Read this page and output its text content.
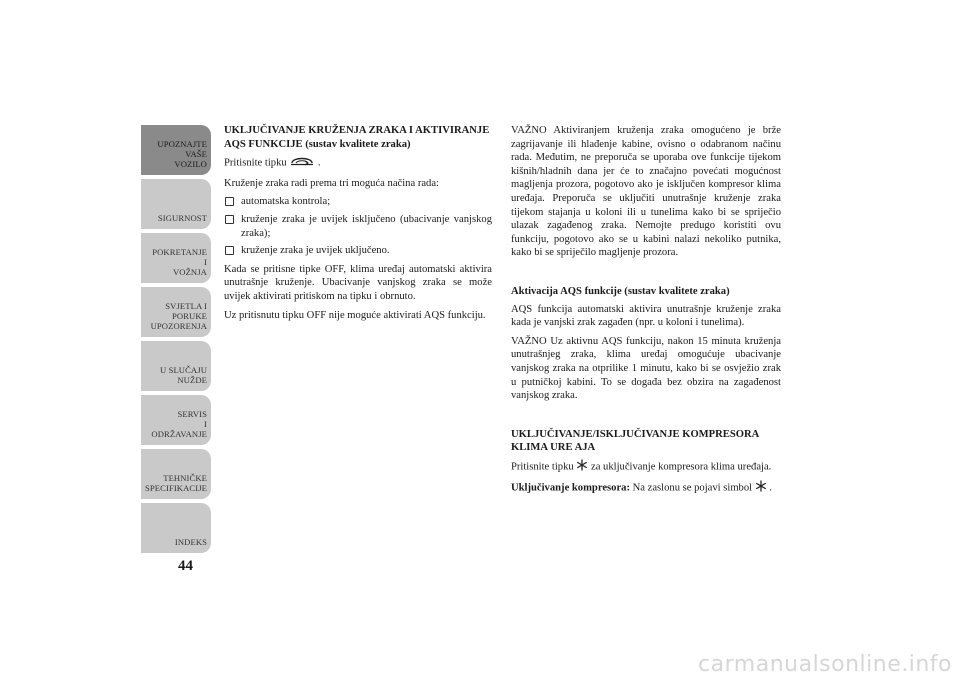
UPOZNAJTE
VAŠE
VOZILO
SIGURNOST
POKRETANJE
I
VOŽNJA
SVJETLA I
PORUKE
UPOZORENJA
U SLUČAJU
NUŽDE
SERVIS
I
ODRŽAVANJE
TEHNIČKE
SPECIFIKACIJE
INDEKS
44
UKLJUČIVANJE KRUŽENJA ZRAKA I AKTIVIRANJE AQS FUNKCIJE (sustav kvalitete zraka)
Pritisnite tipku	.
Kruženje zraka radi prema tri moguća načina rada:
automatska kontrola;
kruženje zraka je uvijek isključeno (ubacivanje vanjskog zraka);
kruženje zraka je uvijek uključeno.
Kada se pritisne tipke OFF, klima uređaj automatski aktivira unutrašnje kruženje. Ubacivanje vanjskog zraka se može uvijek aktivirati pritiskom na tipku i obrnuto.
Uz pritisnutu tipku OFF nije moguće aktivirati AQS funkciju.
VAŽNO Aktiviranjem kruženja zraka omogućeno je brže zagrijavanje ili hlađenje kabine, ovisno o odabranom načinu rada. Međutim, ne preporuča se uporaba ove funkcije tijekom kišnih/hladnih dana jer će to značajno povećati mogućnost magljenja prozora, pogotovo ako je isključen kompresor klima uređaja. Preporuča se uključiti unutrašnje kruženje zraka tijekom stajanja u koloni ili u tunelima kako bi se spriječio ulazak zagađenog zraka. Nemojte predugo koristiti ovu funkciju, pogotovo ako se u kabini nalazi nekoliko putnika, kako bi se spriječilo magljenje prozora.
Aktivacija AQS funkcije (sustav kvalitete zraka)
AQS funkcija automatski aktivira unutrašnje kruženje zraka kada je vanjski zrak zagađen (npr. u koloni i tunelima).
VAŽNO Uz aktivnu AQS funkciju, nakon 15 minuta kruženja unutrašnjeg zraka, klima uređaj omogućuje ubacivanje vanjskog zraka na otprilike 1 minutu, kako bi se osvježio zrak u putničkoj kabini. To se događa bez obzira na zagađenost vanjskog zraka.
UKLJUČIVANJE/ISKLJUČIVANJE KOMPRESORA KLIMA URE AJA
Pritisnite tipku za uključivanje kompresora klima uređaja.
Uključivanje kompresora: Na zaslonu se pojavi simbol .
carmanualsonline.info
